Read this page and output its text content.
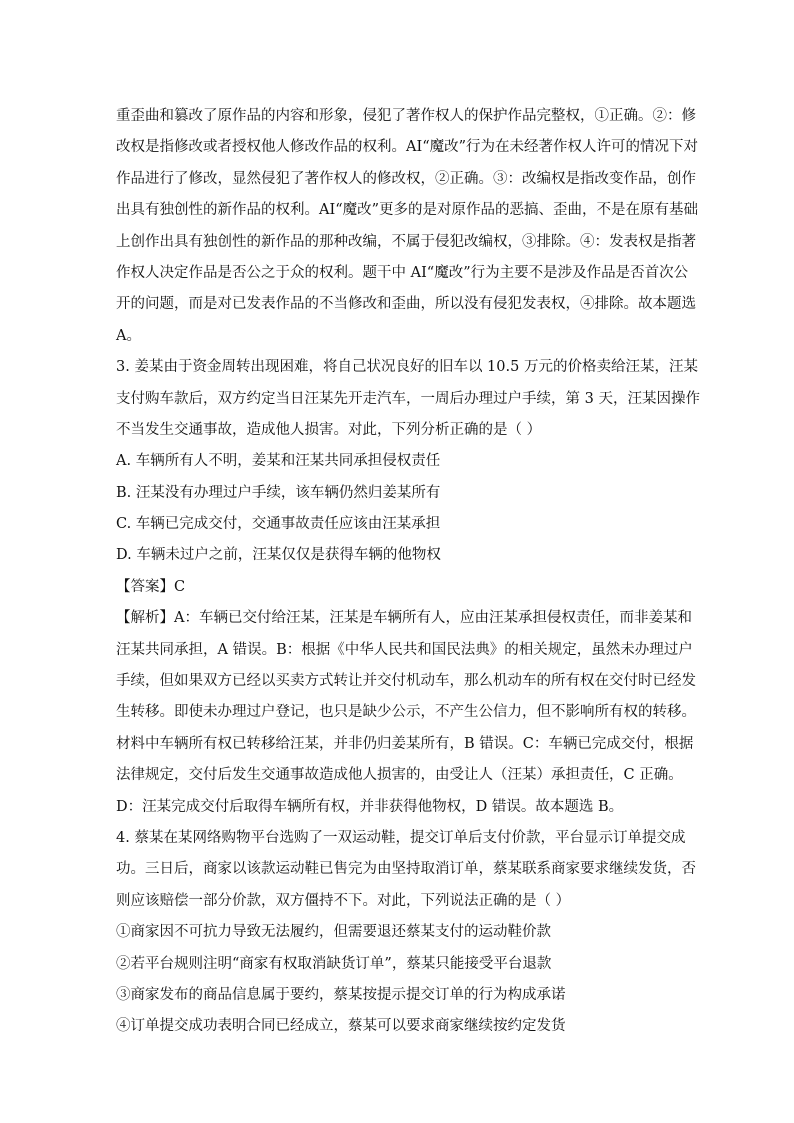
重歪曲和篡改了原作品的内容和形象，侵犯了著作权人的保护作品完整权，①正确。②：修
改权是指修改或者授权他人修改作品的权利。AI“魔改”行为在未经著作权人许可的情况下对
作品进行了修改，显然侵犯了著作权人的修改权，②正确。③：改编权是指改变作品，创作
出具有独创性的新作品的权利。AI“魔改”更多的是对原作品的恶搞、歪曲，不是在原有基础
上创作出具有独创性的新作品的那种改编，不属于侵犯改编权，③排除。④：发表权是指著
作权人决定作品是否公之于众的权利。题干中 AI“魔改”行为主要不是涉及作品是否首次公
开的问题，而是对已发表作品的不当修改和歪曲，所以没有侵犯发表权，④排除。故本题选
A。
3. 姜某由于资金周转出现困难，将自己状况良好的旧车以 10.5 万元的价格卖给汪某，汪某
支付购车款后，双方约定当日汪某先开走汽车，一周后办理过户手续，第 3 天，汪某因操作
不当发生交通事故，造成他人损害。对此，下列分析正确的是（ ）
A. 车辆所有人不明，姜某和汪某共同承担侵权责任
B. 汪某没有办理过户手续，该车辆仍然归姜某所有
C. 车辆已完成交付，交通事故责任应该由汪某承担
D. 车辆未过户之前，汪某仅仅是获得车辆的他物权
【答案】C
【解析】A：车辆已交付给汪某，汪某是车辆所有人，应由汪某承担侵权责任，而非姜某和
汪某共同承担，A 错误。B：根据《中华人民共和国民法典》的相关规定，虽然未办理过户
手续，但如果双方已经以买卖方式转让并交付机动车，那么机动车的所有权在交付时已经发
生转移。即使未办理过户登记，也只是缺少公示，不产生公信力，但不影响所有权的转移。
材料中车辆所有权已转移给汪某，并非仍归姜某所有，B 错误。C：车辆已完成交付，根据
法律规定，交付后发生交通事故造成他人损害的，由受让人（汪某）承担责任，C 正确。
D：汪某完成交付后取得车辆所有权，并非获得他物权，D 错误。故本题选 B。
4. 蔡某在某网络购物平台选购了一双运动鞋，提交订单后支付价款，平台显示订单提交成
功。三日后，商家以该款运动鞋已售完为由坚持取消订单，蔡某联系商家要求继续发货，否
则应该赔偿一部分价款，双方僵持不下。对此，下列说法正确的是（ ）
①商家因不可抗力导致无法履约，但需要退还蔡某支付的运动鞋价款
②若平台规则注明“商家有权取消缺货订单”，蔡某只能接受平台退款
③商家发布的商品信息属于要约，蔡某按提示提交订单的行为构成承诺
④订单提交成功表明合同已经成立，蔡某可以要求商家继续按约定发货
